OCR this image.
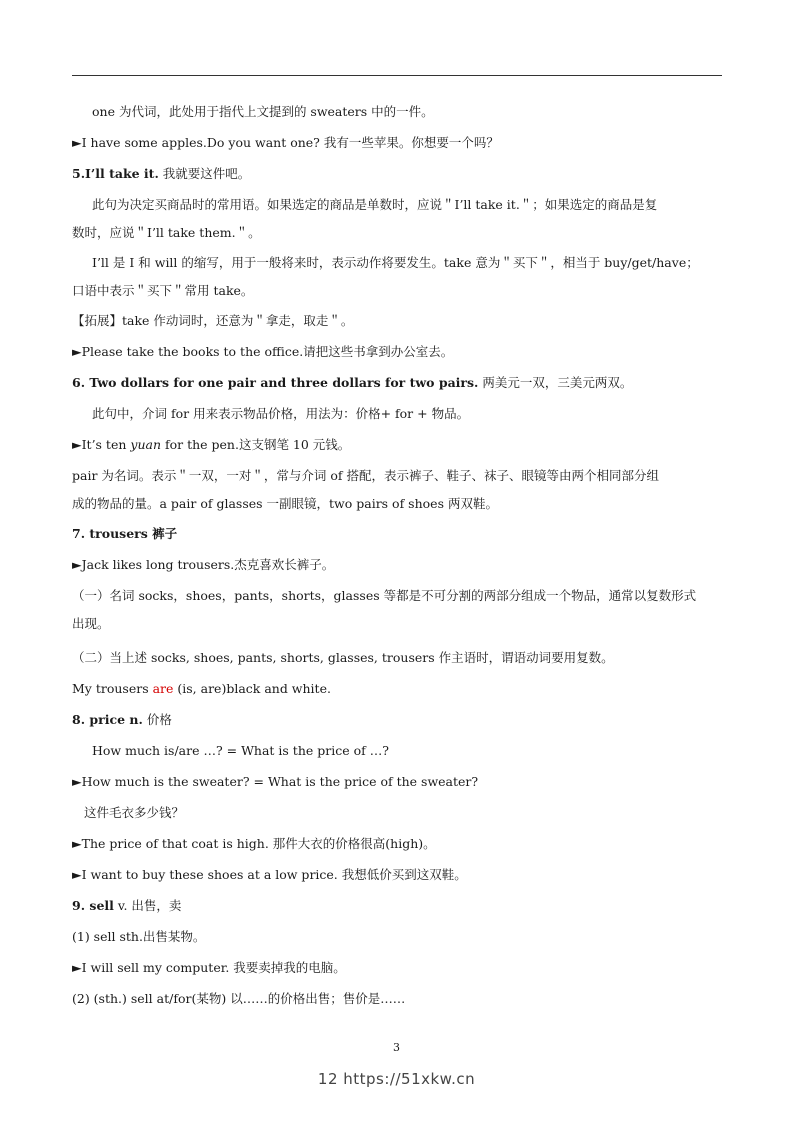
one 为代词，此处用于指代上文提到的 sweaters 中的一件。
►I have some apples.Do you want one? 我有一些苹果。你想要一个吗？
5.I’ll take it. 我就要这件吧。
此句为决定买商品时的常用语。如果选定的商品是单数时，应说＂I’ll take it.＂；如果选定的商品是复
数时，应说＂I’ll take them.＂。
I’ll 是 I 和 will 的缩写，用于一般将来时，表示动作将要发生。take 意为＂买下＂，相当于 buy/get/have；
口语中表示＂买下＂常用 take。
【拓展】take 作动词时，还意为＂拿走，取走＂。
►Please take the books to the office.请把这些书拿到办公室去。
6. Two dollars for one pair and three dollars for two pairs. 两美元一双，三美元两双。
此句中，介词 for 用来表示物品价格，用法为：价格+ for + 物品。
►It’s ten yuan for the pen.这支钢笔 10 元钱。
pair 为名词。表示＂一双，一对＂，常与介词 of 搭配，表示裤子、鞋子、袜子、眼镜等由两个相同部分组
成的物品的量。a pair of glasses 一副眼镜，two pairs of shoes 两双鞋。
7. trousers 裤子
►Jack likes long trousers.杰克喜欢长裤子。
（一）名词 socks，shoes，pants，shorts，glasses 等都是不可分割的两部分组成一个物品，通常以复数形式
出现。
（二）当上述 socks, shoes, pants, shorts, glasses, trousers 作主语时，谓语动词要用复数。
My trousers are (is, are)black and white.
8. price n. 价格
How much is/are …? = What is the price of …?
►How much is the sweater? = What is the price of the sweater?
这件毛衣多少钱？
►The price of that coat is high. 那件大衣的价格很高(high)。
►I want to buy these shoes at a low price. 我想低价买到这双鞋。
9. sell v. 出售，卖
(1) sell sth.出售某物。
►I will sell my computer. 我要卖掉我的电脑。
(2) (sth.) sell at/for(某物) 以……的价格出售；售价是……
3
12 https://51xkw.cn
